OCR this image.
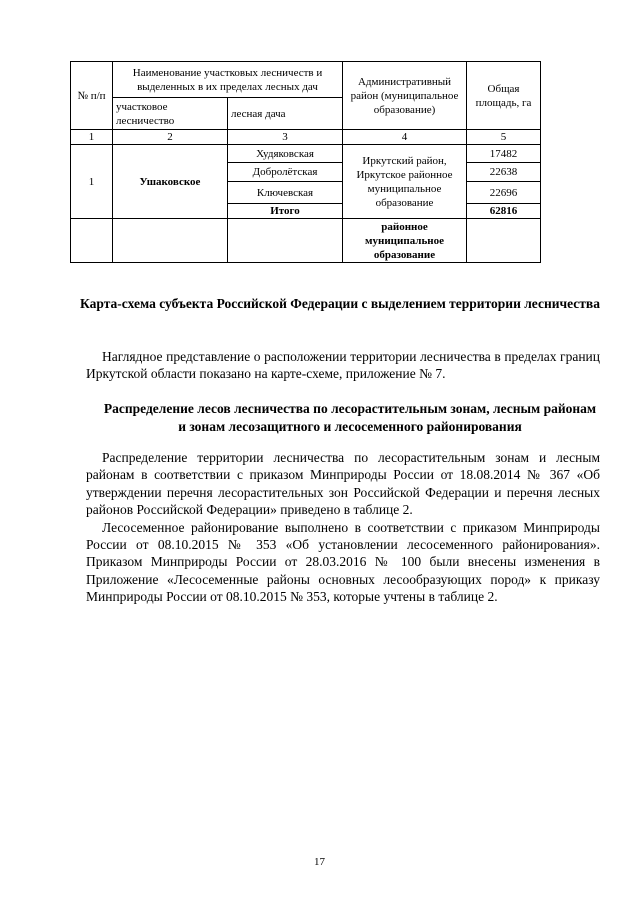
№ п/п	Наименование участковых лесничеств и выделенных в их пределах лесных дач		Административный район (муниципальное образование)	Общая площадь, га
	участковое лесничество	лесная дача		
1	2	3	4	5
1	Ушаковское	Худяковская	Иркутский район, Иркутское районное муниципальное образование	17482
		Добролётская		22638
		Ключевская		22696
		Итого		62816
			районное муниципальное образование	

Карта-схема субъекта Российской Федерации с выделением территории лесничества

Наглядное представление о расположении территории лесничества в пределах границ Иркутской области показано на карте-схеме, приложение № 7.

Распределение лесов лесничества по лесорастительным зонам, лесным районам и зонам лесозащитного и лесосеменного районирования

Распределение территории лесничества по лесорастительным зонам и лесным районам в соответствии с приказом Минприроды России от 18.08.2014 № 367 «Об утверждении перечня лесорастительных зон Российской Федерации и перечня лесных районов Российской Федерации» приведено в таблице 2.
Лесосеменное районирование выполнено в соответствии с приказом Минприроды России от 08.10.2015 № 353 «Об установлении лесосеменного районирования». Приказом Минприроды России от 28.03.2016 № 100 были внесены изменения в Приложение «Лесосеменные районы основных лесообразующих пород» к приказу Минприроды России от 08.10.2015 № 353, которые учтены в таблице 2.

17
